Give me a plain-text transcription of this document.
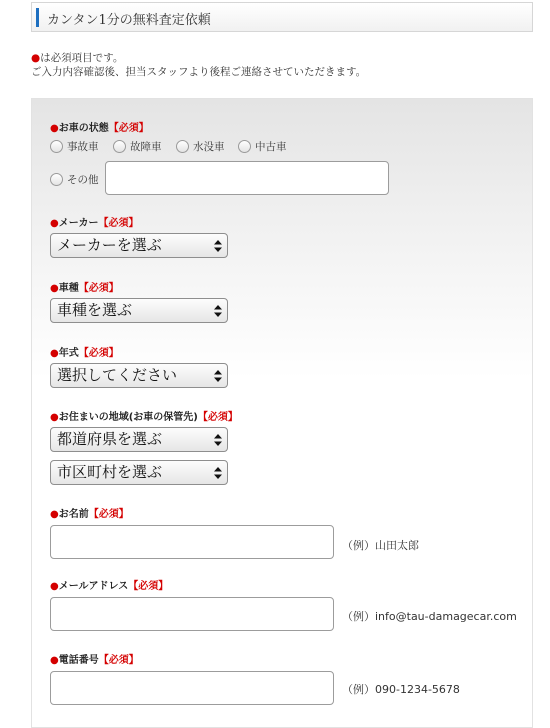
カンタン1分の無料査定依頼
●は必須項目です。
ご入力内容確認後、担当スタッフより後程ご連絡させていただきます。
●お車の状態【必須】
事故車	故障車	水没車	中古車
その他
●メーカー【必須】
メーカーを選ぶ
●車種【必須】
車種を選ぶ
●年式【必須】
選択してください
●お住まいの地域(お車の保管先)【必須】
都道府県を選ぶ
市区町村を選ぶ
●お名前【必須】
（例）山田太郎
●メールアドレス【必須】
（例）info@tau-damagecar.com
●電話番号【必須】
（例）090-1234-5678
